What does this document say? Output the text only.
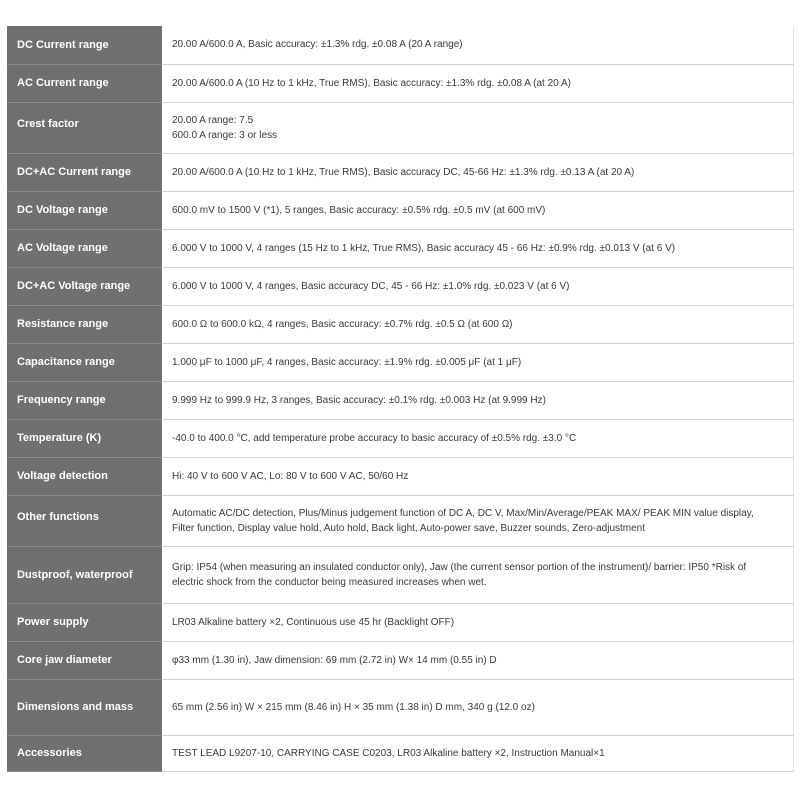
DC Current range	20.00 A/600.0 A, Basic accuracy: ±1.3% rdg. ±0.08 A (20 A range)

AC Current range	20.00 A/600.0 A (10 Hz to 1 kHz, True RMS), Basic accuracy: ±1.3% rdg. ±0.08 A (at 20 A)

Crest factor	20.00 A range: 7.5
600.0 A range: 3 or less

DC+AC Current range	20.00 A/600.0 A (10 Hz to 1 kHz, True RMS), Basic accuracy DC, 45-66 Hz: ±1.3% rdg. ±0.13 A (at 20 A)

DC Voltage range	600.0 mV to 1500 V (*1), 5 ranges, Basic accuracy: ±0.5% rdg. ±0.5 mV (at 600 mV)

AC Voltage range	6.000 V to 1000 V, 4 ranges (15 Hz to 1 kHz, True RMS), Basic accuracy 45 - 66 Hz: ±0.9% rdg. ±0.013 V (at 6 V)

DC+AC Voltage range	6.000 V to 1000 V, 4 ranges, Basic accuracy DC, 45 - 66 Hz: ±1.0% rdg. ±0.023 V (at 6 V)

Resistance range	600.0 Ω to 600.0 kΩ, 4 ranges, Basic accuracy: ±0.7% rdg. ±0.5 Ω (at 600 Ω)

Capacitance range	1.000 μF to 1000 μF, 4 ranges, Basic accuracy: ±1.9% rdg. ±0.005 μF (at 1 μF)

Frequency range	9.999 Hz to 999.9 Hz, 3 ranges, Basic accuracy: ±0.1% rdg. ±0.003 Hz (at 9.999 Hz)

Temperature (K)	-40.0 to 400.0 °C, add temperature probe accuracy to basic accuracy of ±0.5% rdg. ±3.0 °C

Voltage detection	Hi: 40 V to 600 V AC, Lo: 80 V to 600 V AC, 50/60 Hz

Other functions	Automatic AC/DC detection, Plus/Minus judgement function of DC A, DC V, Max/Min/Average/PEAK MAX/ PEAK MIN value display,
Filter function, Display value hold, Auto hold, Back light, Auto-power save, Buzzer sounds, Zero-adjustment

Dustproof, waterproof	Grip: IP54 (when measuring an insulated conductor only), Jaw (the current sensor portion of the instrument)/ barrier: IP50 *Risk of
electric shock from the conductor being measured increases when wet.

Power supply	LR03 Alkaline battery ×2, Continuous use 45 hr (Backlight OFF)

Core jaw diameter	φ33 mm (1.30 in), Jaw dimension: 69 mm (2.72 in) W× 14 mm (0.55 in) D

Dimensions and mass	65 mm (2.56 in) W × 215 mm (8.46 in) H × 35 mm (1.38 in) D mm, 340 g (12.0 oz)

Accessories	TEST LEAD L9207-10, CARRYING CASE C0203, LR03 Alkaline battery ×2, Instruction Manual×1
